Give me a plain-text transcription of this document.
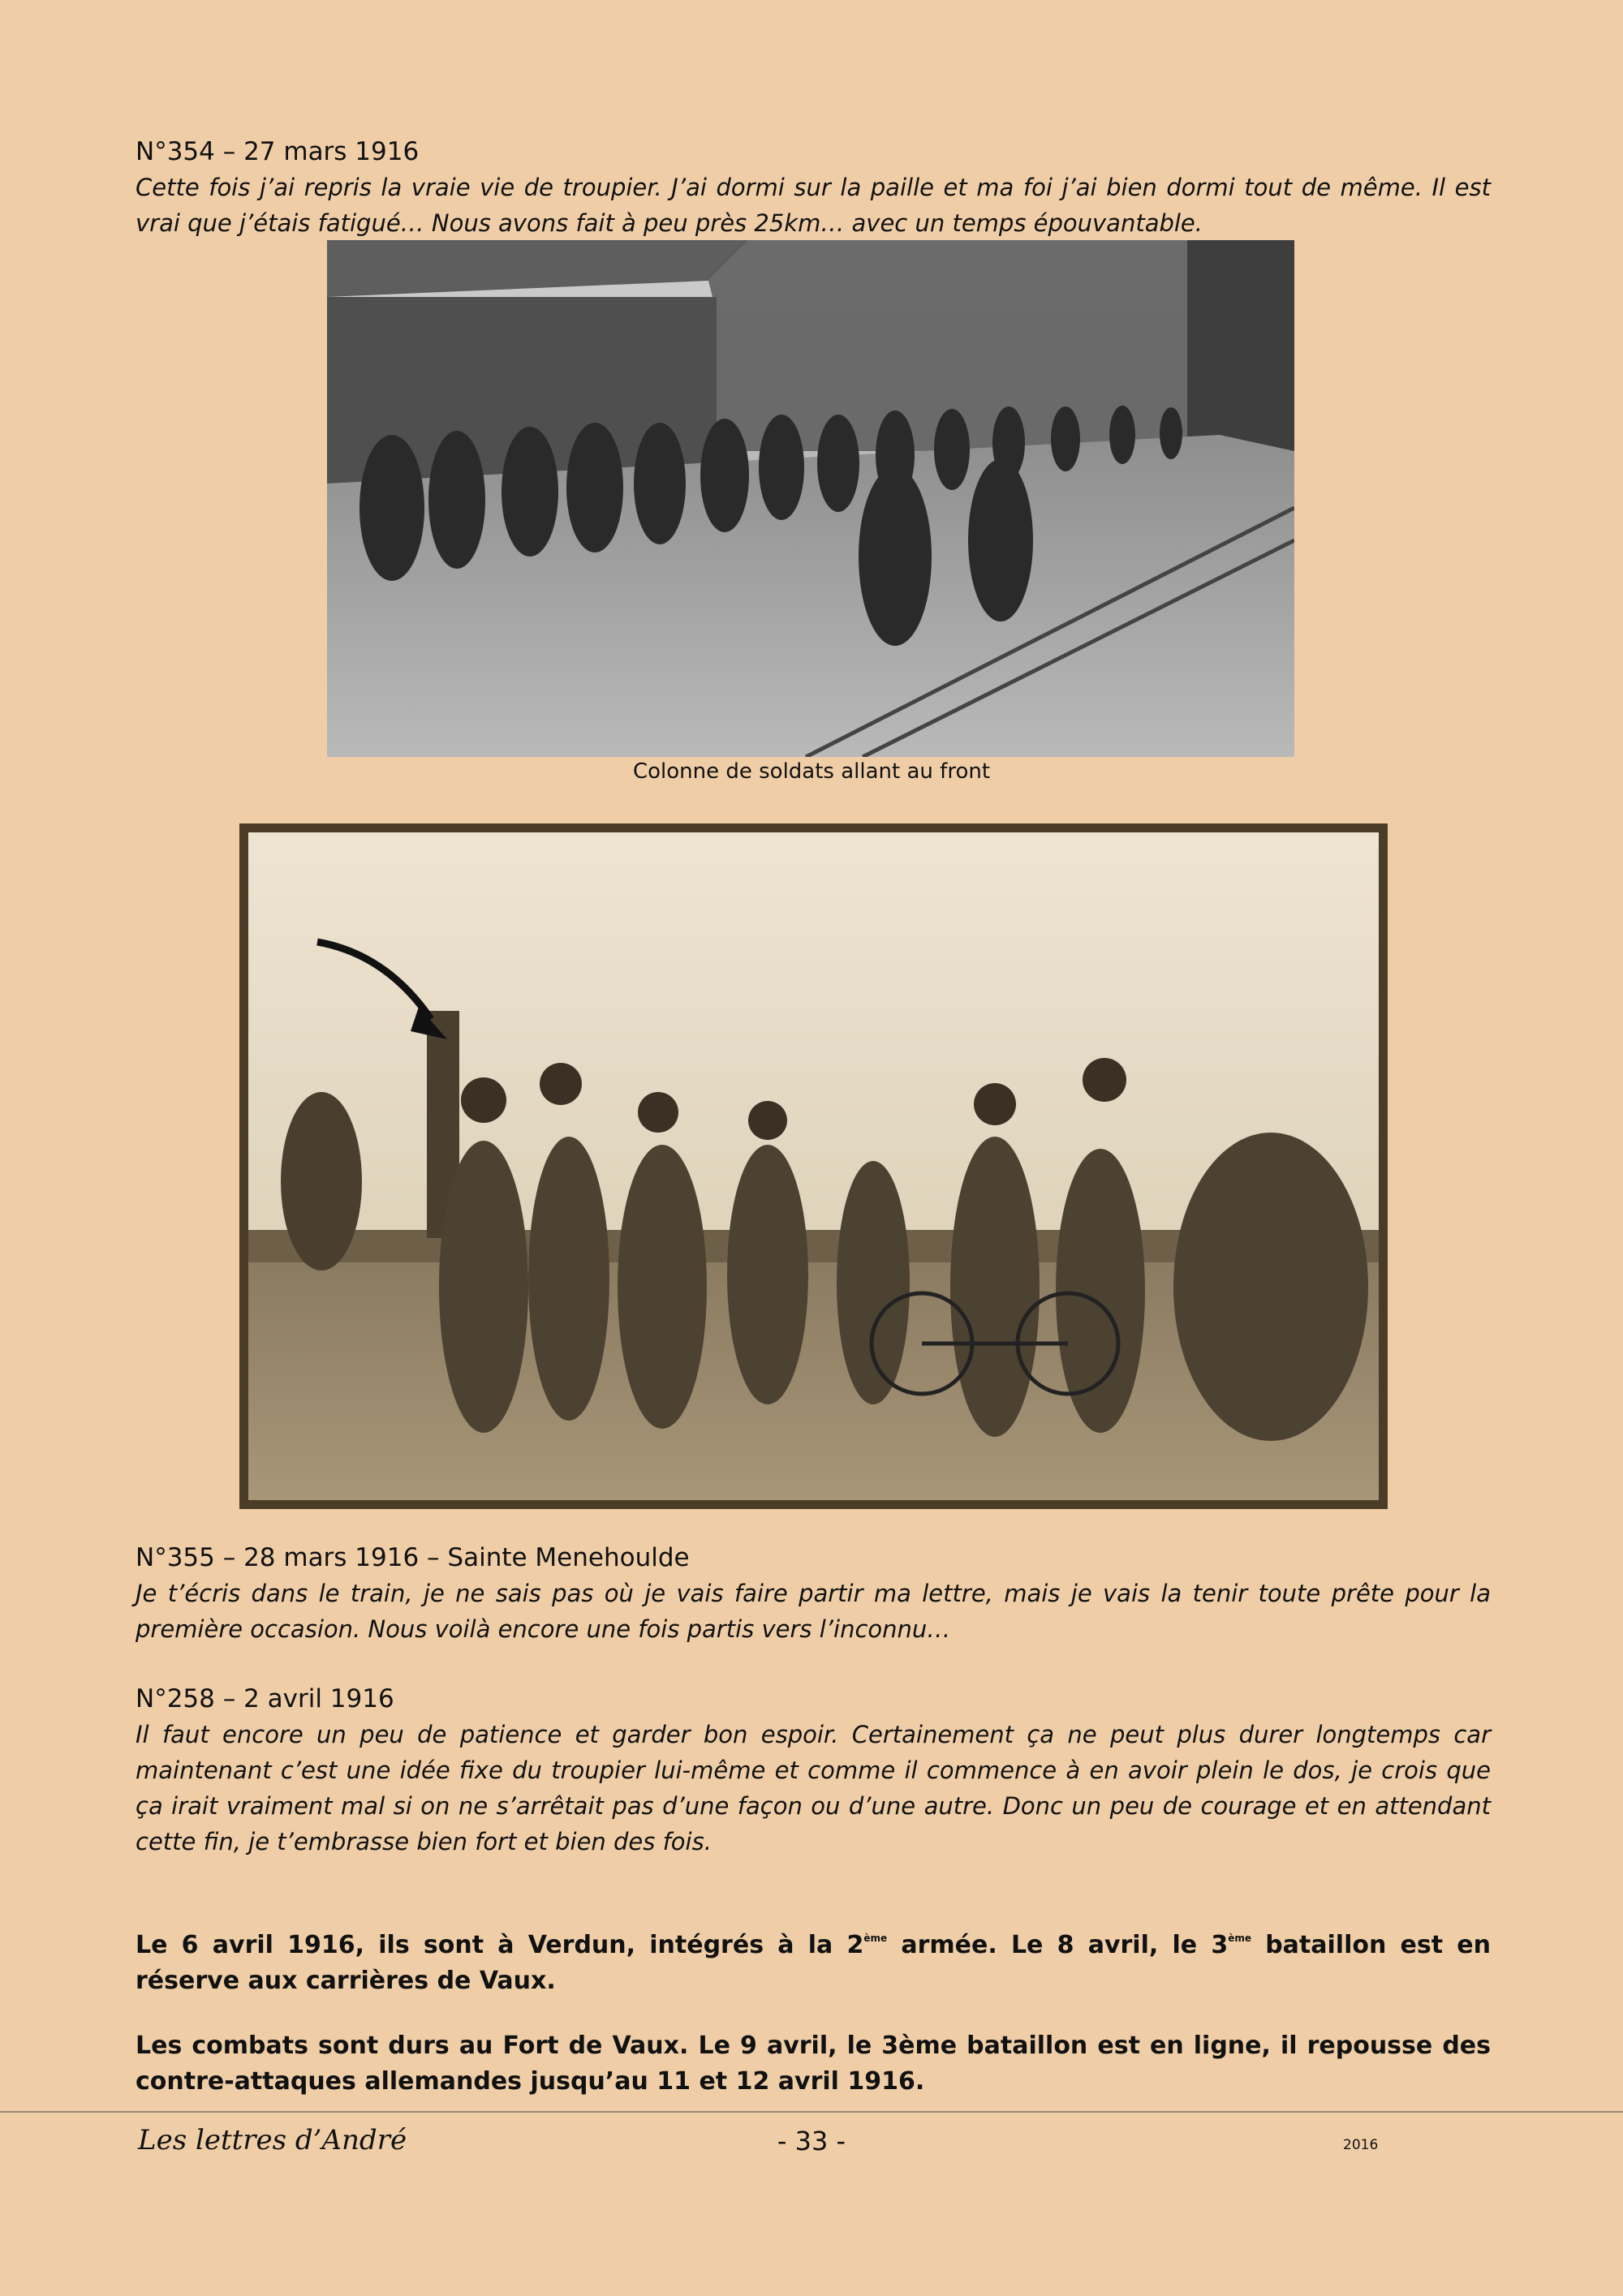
N°354 – 27 mars 1916

Cette fois j’ai repris la vraie vie de troupier. J’ai dormi sur la paille et ma foi j’ai bien dormi tout de même. Il est vrai que j’étais fatigué… Nous avons fait à peu près 25km… avec un temps épouvantable.

Colonne de soldats allant au front
N°355 – 28 mars 1916 – Sainte Menehoulde

Je t’écris dans le train, je ne sais pas où je vais faire partir ma lettre, mais je vais la tenir toute prête pour la première occasion. Nous voilà encore une fois partis vers l’inconnu…

N°258 – 2 avril 1916

Il faut encore un peu de patience et garder bon espoir. Certainement ça ne peut plus durer longtemps car maintenant c’est une idée fixe du troupier lui-même et comme il commence à en avoir plein le dos, je crois que ça irait vraiment mal si on ne s’arrêtait pas d’une façon ou d’une autre. Donc un peu de courage et en attendant cette fin, je t’embrasse bien fort et bien des fois.

Le 6 avril 1916, ils sont à Verdun, intégrés à la 2ème armée. Le 8 avril, le 3ème bataillon est en réserve aux carrières de Vaux.

Les combats sont durs au Fort de Vaux. Le 9 avril, le 3ème bataillon est en ligne, il repousse des contre-attaques allemandes jusqu’au 11 et 12 avril 1916.

Les lettres d’André	- 33 -	2016
